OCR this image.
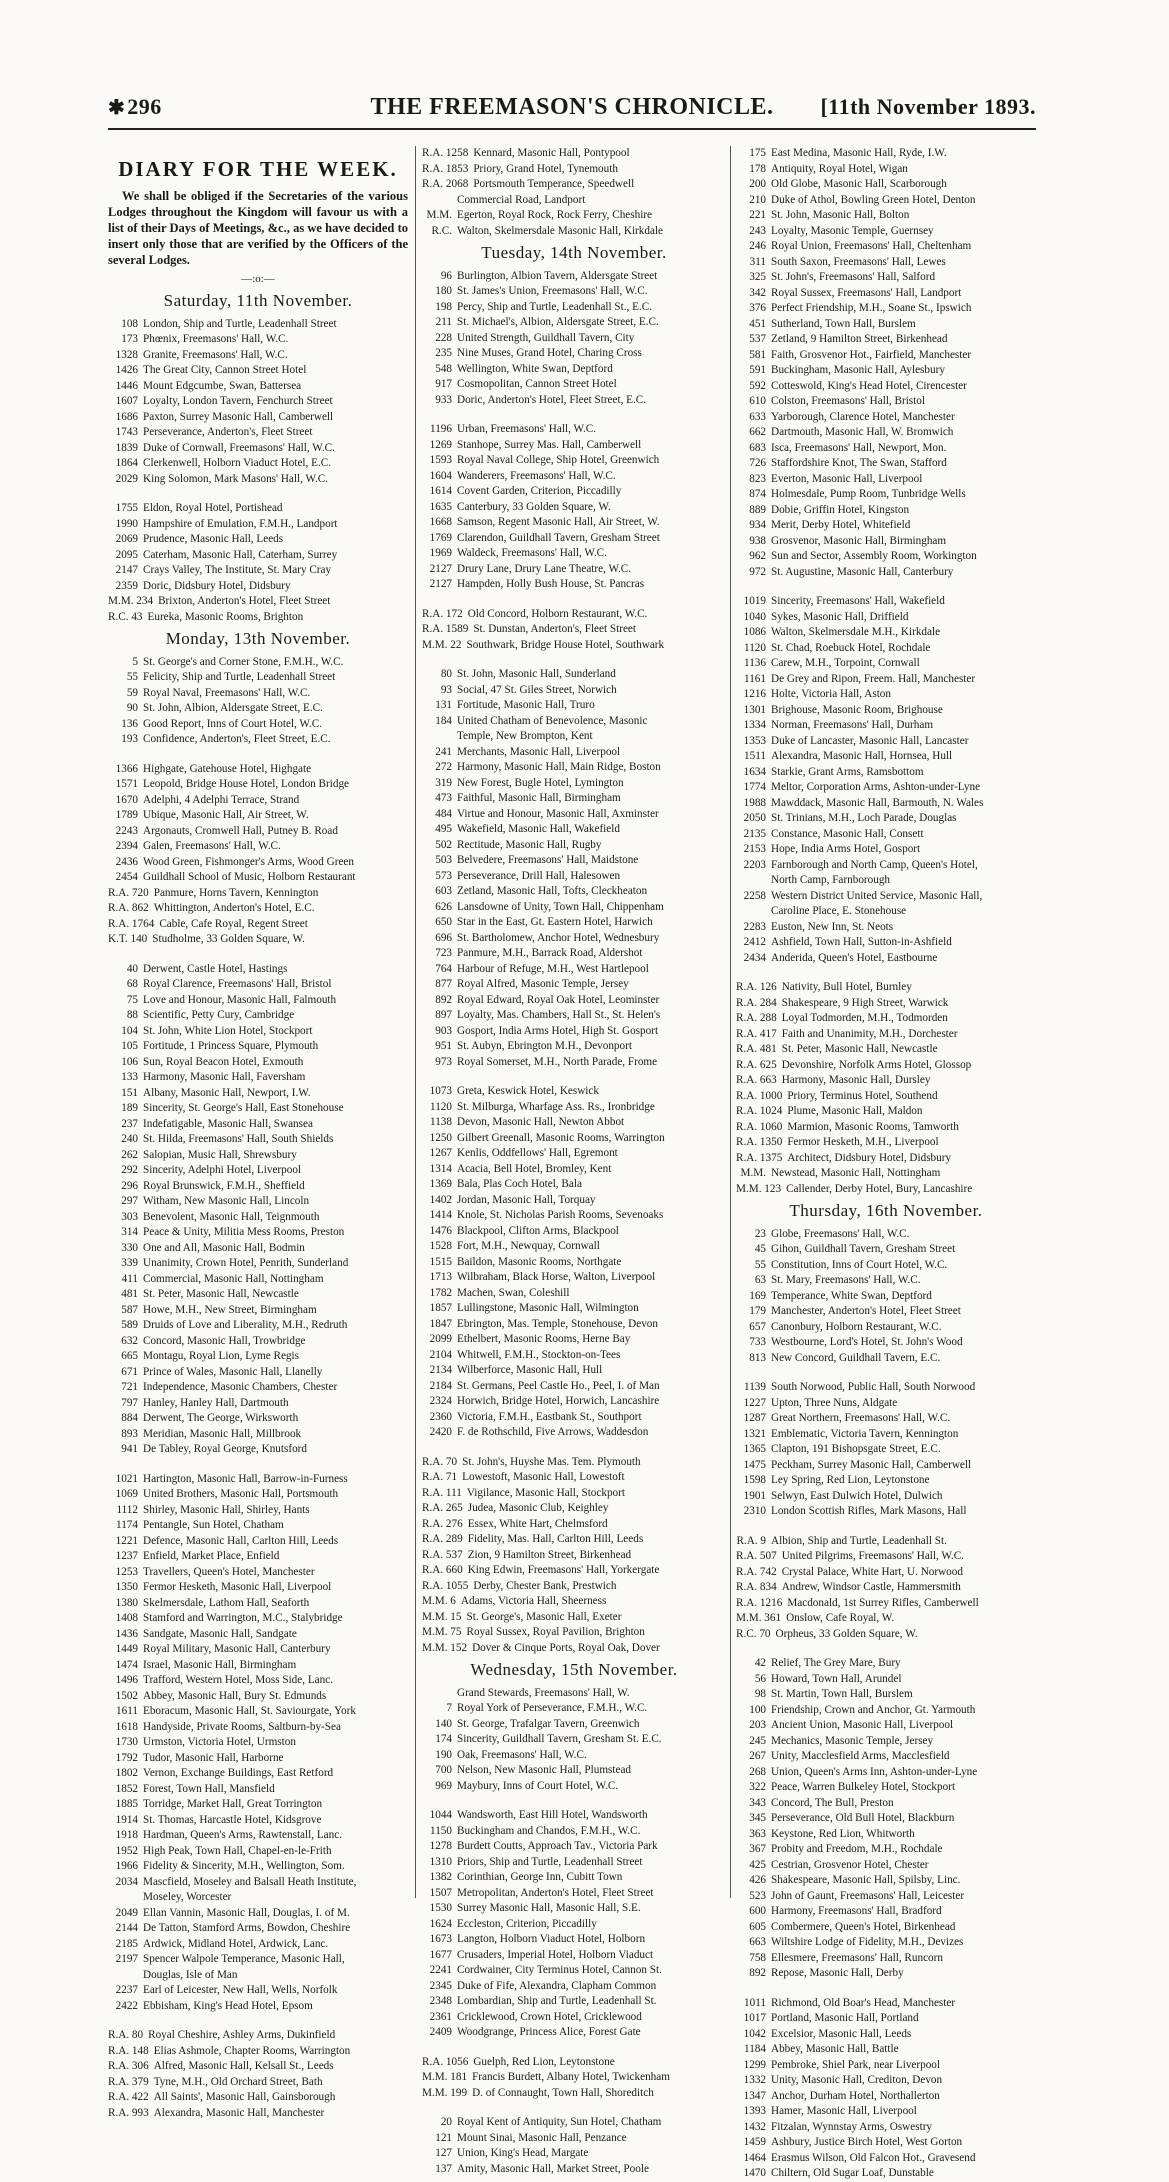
✱296	THE FREEMASON'S CHRONICLE.	[11th November 1893.
DIARY FOR THE WEEK.
We shall be obliged if the Secretaries of the various Lodges throughout the Kingdom will favour us with a list of their Days of Meetings, &c., as we have decided to insert only those that are verified by the Officers of the several Lodges.
—:o:—
Saturday, 11th November.
108 London, Ship and Turtle, Leadenhall Street
173 Phœnix, Freemasons' Hall, W.C.
1328 Granite, Freemasons' Hall, W.C.
1426 The Great City, Cannon Street Hotel
1446 Mount Edgcumbe, Swan, Battersea
1607 Loyalty, London Tavern, Fenchurch Street
1686 Paxton, Surrey Masonic Hall, Camberwell
1743 Perseverance, Anderton's, Fleet Street
1839 Duke of Cornwall, Freemasons' Hall, W.C.
1864 Clerkenwell, Holborn Viaduct Hotel, E.C.
2029 King Solomon, Mark Masons' Hall, W.C.
1755 Eldon, Royal Hotel, Portishead
1990 Hampshire of Emulation, F.M.H., Landport
2069 Prudence, Masonic Hall, Leeds
2095 Caterham, Masonic Hall, Caterham, Surrey
2147 Crays Valley, The Institute, St. Mary Cray
2359 Doric, Didsbury Hotel, Didsbury
M.M. 234 Brixton, Anderton's Hotel, Fleet Street
R.C. 43 Eureka, Masonic Rooms, Brighton
Monday, 13th November.
5 St. George's and Corner Stone, F.M.H., W.C.
55 Felicity, Ship and Turtle, Leadenhall Street
59 Royal Naval, Freemasons' Hall, W.C.
90 St. John, Albion, Aldersgate Street, E.C.
136 Good Report, Inns of Court Hotel, W.C.
193 Confidence, Anderton's, Fleet Street, E.C.
1366 Highgate, Gatehouse Hotel, Highgate
1571 Leopold, Bridge House Hotel, London Bridge
1670 Adelphi, 4 Adelphi Terrace, Strand
1789 Ubique, Masonic Hall, Air Street, W.
2243 Argonauts, Cromwell Hall, Putney B. Road
2394 Galen, Freemasons' Hall, W.C.
2436 Wood Green, Fishmonger's Arms, Wood Green
2454 Guildhall School of Music, Holborn Restaurant
R.A. 720 Panmure, Horns Tavern, Kennington
R.A. 862 Whittington, Anderton's Hotel, E.C.
R.A. 1764 Cable, Cafe Royal, Regent Street
K.T. 140 Studholme, 33 Golden Square, W.
40 Derwent, Castle Hotel, Hastings
68 Royal Clarence, Freemasons' Hall, Bristol
75 Love and Honour, Masonic Hall, Falmouth
88 Scientific, Petty Cury, Cambridge
104 St. John, White Lion Hotel, Stockport
105 Fortitude, 1 Princess Square, Plymouth
106 Sun, Royal Beacon Hotel, Exmouth
133 Harmony, Masonic Hall, Faversham
151 Albany, Masonic Hall, Newport, I.W.
189 Sincerity, St. George's Hall, East Stonehouse
237 Indefatigable, Masonic Hall, Swansea
240 St. Hilda, Freemasons' Hall, South Shields
262 Salopian, Music Hall, Shrewsbury
292 Sincerity, Adelphi Hotel, Liverpool
296 Royal Brunswick, F.M.H., Sheffield
297 Witham, New Masonic Hall, Lincoln
303 Benevolent, Masonic Hall, Teignmouth
314 Peace & Unity, Militia Mess Rooms, Preston
330 One and All, Masonic Hall, Bodmin
339 Unanimity, Crown Hotel, Penrith, Sunderland
411 Commercial, Masonic Hall, Nottingham
481 St. Peter, Masonic Hall, Newcastle
587 Howe, M.H., New Street, Birmingham
589 Druids of Love and Liberality, M.H., Redruth
632 Concord, Masonic Hall, Trowbridge
665 Montagu, Royal Lion, Lyme Regis
671 Prince of Wales, Masonic Hall, Llanelly
721 Independence, Masonic Chambers, Chester
797 Hanley, Hanley Hall, Dartmouth
884 Derwent, The George, Wirksworth
893 Meridian, Masonic Hall, Millbrook
941 De Tabley, Royal George, Knutsford
1021 Hartington, Masonic Hall, Barrow-in-Furness
1069 United Brothers, Masonic Hall, Portsmouth
1112 Shirley, Masonic Hall, Shirley, Hants
1174 Pentangle, Sun Hotel, Chatham
1221 Defence, Masonic Hall, Carlton Hill, Leeds
1237 Enfield, Market Place, Enfield
1253 Travellers, Queen's Hotel, Manchester
1350 Fermor Hesketh, Masonic Hall, Liverpool
1380 Skelmersdale, Lathom Hall, Seaforth
1408 Stamford and Warrington, M.C., Stalybridge
1436 Sandgate, Masonic Hall, Sandgate
1449 Royal Military, Masonic Hall, Canterbury
1474 Israel, Masonic Hall, Birmingham
1496 Trafford, Western Hotel, Moss Side, Lanc.
1502 Abbey, Masonic Hall, Bury St. Edmunds
1611 Eboracum, Masonic Hall, St. Saviourgate, York
1618 Handyside, Private Rooms, Saltburn-by-Sea
1730 Urmston, Victoria Hotel, Urmston
1792 Tudor, Masonic Hall, Harborne
1802 Vernon, Exchange Buildings, East Retford
1852 Forest, Town Hall, Mansfield
1885 Torridge, Market Hall, Great Torrington
1914 St. Thomas, Harcastle Hotel, Kidsgrove
1918 Hardman, Queen's Arms, Rawtenstall, Lanc.
1952 High Peak, Town Hall, Chapel-en-le-Frith
1966 Fidelity & Sincerity, M.H., Wellington, Som.
2034 Mascfield, Moseley and Balsall Heath Institute,
Moseley, Worcester
2049 Ellan Vannin, Masonic Hall, Douglas, I. of M.
2144 De Tatton, Stamford Arms, Bowdon, Cheshire
2185 Ardwick, Midland Hotel, Ardwick, Lanc.
2197 Spencer Walpole Temperance, Masonic Hall,
Douglas, Isle of Man
2237 Earl of Leicester, New Hall, Wells, Norfolk
2422 Ebbisham, King's Head Hotel, Epsom
R.A. 80 Royal Cheshire, Ashley Arms, Dukinfield
R.A. 148 Elias Ashmole, Chapter Rooms, Warrington
R.A. 306 Alfred, Masonic Hall, Kelsall St., Leeds
R.A. 379 Tyne, M.H., Old Orchard Street, Bath
R.A. 422 All Saints', Masonic Hall, Gainsborough
R.A. 993 Alexandra, Masonic Hall, Manchester
R.A. 1258 Kennard, Masonic Hall, Pontypool
R.A. 1853 Priory, Grand Hotel, Tynemouth
R.A. 2068 Portsmouth Temperance, Speedwell
Commercial Road, Landport
M.M. Egerton, Royal Rock, Rock Ferry, Cheshire
R.C. Walton, Skelmersdale Masonic Hall, Kirkdale
Tuesday, 14th November.
96 Burlington, Albion Tavern, Aldersgate Street
180 St. James's Union, Freemasons' Hall, W.C.
198 Percy, Ship and Turtle, Leadenhall St., E.C.
211 St. Michael's, Albion, Aldersgate Street, E.C.
228 United Strength, Guildhall Tavern, City
235 Nine Muses, Grand Hotel, Charing Cross
548 Wellington, White Swan, Deptford
917 Cosmopolitan, Cannon Street Hotel
933 Doric, Anderton's Hotel, Fleet Street, E.C.
1196 Urban, Freemasons' Hall, W.C.
1269 Stanhope, Surrey Mas. Hall, Camberwell
1593 Royal Naval College, Ship Hotel, Greenwich
1604 Wanderers, Freemasons' Hall, W.C.
1614 Covent Garden, Criterion, Piccadilly
1635 Canterbury, 33 Golden Square, W.
1668 Samson, Regent Masonic Hall, Air Street, W.
1769 Clarendon, Guildhall Tavern, Gresham Street
1969 Waldeck, Freemasons' Hall, W.C.
2127 Drury Lane, Drury Lane Theatre, W.C.
2127 Hampden, Holly Bush House, St. Pancras
R.A. 172 Old Concord, Holborn Restaurant, W.C.
R.A. 1589 St. Dunstan, Anderton's, Fleet Street
M.M. 22 Southwark, Bridge House Hotel, Southwark
80 St. John, Masonic Hall, Sunderland
93 Social, 47 St. Giles Street, Norwich
131 Fortitude, Masonic Hall, Truro
184 United Chatham of Benevolence, Masonic
Temple, New Brompton, Kent
241 Merchants, Masonic Hall, Liverpool
272 Harmony, Masonic Hall, Main Ridge, Boston
319 New Forest, Bugle Hotel, Lymington
473 Faithful, Masonic Hall, Birmingham
484 Virtue and Honour, Masonic Hall, Axminster
495 Wakefield, Masonic Hall, Wakefield
502 Rectitude, Masonic Hall, Rugby
503 Belvedere, Freemasons' Hall, Maidstone
573 Perseverance, Drill Hall, Halesowen
603 Zetland, Masonic Hall, Tofts, Cleckheaton
626 Lansdowne of Unity, Town Hall, Chippenham
650 Star in the East, Gt. Eastern Hotel, Harwich
696 St. Bartholomew, Anchor Hotel, Wednesbury
723 Panmure, M.H., Barrack Road, Aldershot
764 Harbour of Refuge, M.H., West Hartlepool
877 Royal Alfred, Masonic Temple, Jersey
892 Royal Edward, Royal Oak Hotel, Leominster
897 Loyalty, Mas. Chambers, Hall St., St. Helen's
903 Gosport, India Arms Hotel, High St. Gosport
951 St. Aubyn, Ebrington M.H., Devonport
973 Royal Somerset, M.H., North Parade, Frome
1073 Greta, Keswick Hotel, Keswick
1120 St. Milburga, Wharfage Ass. Rs., Ironbridge
1138 Devon, Masonic Hall, Newton Abbot
1250 Gilbert Greenall, Masonic Rooms, Warrington
1267 Kenlis, Oddfellows' Hall, Egremont
1314 Acacia, Bell Hotel, Bromley, Kent
1369 Bala, Plas Coch Hotel, Bala
1402 Jordan, Masonic Hall, Torquay
1414 Knole, St. Nicholas Parish Rooms, Sevenoaks
1476 Blackpool, Clifton Arms, Blackpool
1528 Fort, M.H., Newquay, Cornwall
1515 Baildon, Masonic Rooms, Northgate
1713 Wilbraham, Black Horse, Walton, Liverpool
1782 Machen, Swan, Coleshill
1857 Lullingstone, Masonic Hall, Wilmington
1847 Ebrington, Mas. Temple, Stonehouse, Devon
2099 Ethelbert, Masonic Rooms, Herne Bay
2104 Whitwell, F.M.H., Stockton-on-Tees
2134 Wilberforce, Masonic Hall, Hull
2184 St. Germans, Peel Castle Ho., Peel, I. of Man
2324 Horwich, Bridge Hotel, Horwich, Lancashire
2360 Victoria, F.M.H., Eastbank St., Southport
2420 F. de Rothschild, Five Arrows, Waddesdon
R.A. 70 St. John's, Huyshe Mas. Tem. Plymouth
R.A. 71 Lowestoft, Masonic Hall, Lowestoft
R.A. 111 Vigilance, Masonic Hall, Stockport
R.A. 265 Judea, Masonic Club, Keighley
R.A. 276 Essex, White Hart, Chelmsford
R.A. 289 Fidelity, Mas. Hall, Carlton Hill, Leeds
R.A. 537 Zion, 9 Hamilton Street, Birkenhead
R.A. 660 King Edwin, Freemasons' Hall, Yorkergate
R.A. 1055 Derby, Chester Bank, Prestwich
M.M. 6 Adams, Victoria Hall, Sheerness
M.M. 15 St. George's, Masonic Hall, Exeter
M.M. 75 Royal Sussex, Royal Pavilion, Brighton
M.M. 152 Dover & Cinque Ports, Royal Oak, Dover
Wednesday, 15th November.
Grand Stewards, Freemasons' Hall, W.
7 Royal York of Perseverance, F.M.H., W.C.
140 St. George, Trafalgar Tavern, Greenwich
174 Sincerity, Guildhall Tavern, Gresham St. E.C.
190 Oak, Freemasons' Hall, W.C.
700 Nelson, New Masonic Hall, Plumstead
969 Maybury, Inns of Court Hotel, W.C.
1044 Wandsworth, East Hill Hotel, Wandsworth
1150 Buckingham and Chandos, F.M.H., W.C.
1278 Burdett Coutts, Approach Tav., Victoria Park
1310 Priors, Ship and Turtle, Leadenhall Street
1382 Corinthian, George Inn, Cubitt Town
1507 Metropolitan, Anderton's Hotel, Fleet Street
1530 Surrey Masonic Hall, Masonic Hall, S.E.
1624 Eccleston, Criterion, Piccadilly
1673 Langton, Holborn Viaduct Hotel, Holborn
1677 Crusaders, Imperial Hotel, Holborn Viaduct
2241 Cordwainer, City Terminus Hotel, Cannon St.
2345 Duke of Fife, Alexandra, Clapham Common
2348 Lombardian, Ship and Turtle, Leadenhall St.
2361 Cricklewood, Crown Hotel, Cricklewood
2409 Woodgrange, Princess Alice, Forest Gate
R.A. 1056 Guelph, Red Lion, Leytonstone
M.M. 181 Francis Burdett, Albany Hotel, Twickenham
M.M. 199 D. of Connaught, Town Hall, Shoreditch
20 Royal Kent of Antiquity, Sun Hotel, Chatham
121 Mount Sinai, Masonic Hall, Penzance
127 Union, King's Head, Margate
137 Amity, Masonic Hall, Market Street, Poole
175 East Medina, Masonic Hall, Ryde, I.W.
178 Antiquity, Royal Hotel, Wigan
200 Old Globe, Masonic Hall, Scarborough
210 Duke of Athol, Bowling Green Hotel, Denton
221 St. John, Masonic Hall, Bolton
243 Loyalty, Masonic Temple, Guernsey
246 Royal Union, Freemasons' Hall, Cheltenham
311 South Saxon, Freemasons' Hall, Lewes
325 St. John's, Freemasons' Hall, Salford
342 Royal Sussex, Freemasons' Hall, Landport
376 Perfect Friendship, M.H., Soane St., Ipswich
451 Sutherland, Town Hall, Burslem
537 Zetland, 9 Hamilton Street, Birkenhead
581 Faith, Grosvenor Hot., Fairfield, Manchester
591 Buckingham, Masonic Hall, Aylesbury
592 Cotteswold, King's Head Hotel, Cirencester
610 Colston, Freemasons' Hall, Bristol
633 Yarborough, Clarence Hotel, Manchester
662 Dartmouth, Masonic Hall, W. Bromwich
683 Isca, Freemasons' Hall, Newport, Mon.
726 Staffordshire Knot, The Swan, Stafford
823 Everton, Masonic Hall, Liverpool
874 Holmesdale, Pump Room, Tunbridge Wells
889 Dobie, Griffin Hotel, Kingston
934 Merit, Derby Hotel, Whitefield
938 Grosvenor, Masonic Hall, Birmingham
962 Sun and Sector, Assembly Room, Workington
972 St. Augustine, Masonic Hall, Canterbury
1019 Sincerity, Freemasons' Hall, Wakefield
1040 Sykes, Masonic Hall, Driffield
1086 Walton, Skelmersdale M.H., Kirkdale
1120 St. Chad, Roebuck Hotel, Rochdale
1136 Carew, M.H., Torpoint, Cornwall
1161 De Grey and Ripon, Freem. Hall, Manchester
1216 Holte, Victoria Hall, Aston
1301 Brighouse, Masonic Room, Brighouse
1334 Norman, Freemasons' Hall, Durham
1353 Duke of Lancaster, Masonic Hall, Lancaster
1511 Alexandra, Masonic Hall, Hornsea, Hull
1634 Starkie, Grant Arms, Ramsbottom
1774 Meltor, Corporation Arms, Ashton-under-Lyne
1988 Mawddack, Masonic Hall, Barmouth, N. Wales
2050 St. Trinians, M.H., Loch Parade, Douglas
2135 Constance, Masonic Hall, Consett
2153 Hope, India Arms Hotel, Gosport
2203 Farnborough and North Camp, Queen's Hotel,
North Camp, Farnborough
2258 Western District United Service, Masonic Hall,
Caroline Place, E. Stonehouse
2283 Euston, New Inn, St. Neots
2412 Ashfield, Town Hall, Sutton-in-Ashfield
2434 Anderida, Queen's Hotel, Eastbourne
R.A. 126 Nativity, Bull Hotel, Burnley
R.A. 284 Shakespeare, 9 High Street, Warwick
R.A. 288 Loyal Todmorden, M.H., Todmorden
R.A. 417 Faith and Unanimity, M.H., Dorchester
R.A. 481 St. Peter, Masonic Hall, Newcastle
R.A. 625 Devonshire, Norfolk Arms Hotel, Glossop
R.A. 663 Harmony, Masonic Hall, Dursley
R.A. 1000 Priory, Terminus Hotel, Southend
R.A. 1024 Plume, Masonic Hall, Maldon
R.A. 1060 Marmion, Masonic Rooms, Tamworth
R.A. 1350 Fermor Hesketh, M.H., Liverpool
R.A. 1375 Architect, Didsbury Hotel, Didsbury
M.M. Newstead, Masonic Hall, Nottingham
M.M. 123 Callender, Derby Hotel, Bury, Lancashire
Thursday, 16th November.
23 Globe, Freemasons' Hall, W.C.
45 Gihon, Guildhall Tavern, Gresham Street
55 Constitution, Inns of Court Hotel, W.C.
63 St. Mary, Freemasons' Hall, W.C.
169 Temperance, White Swan, Deptford
179 Manchester, Anderton's Hotel, Fleet Street
657 Canonbury, Holborn Restaurant, W.C.
733 Westbourne, Lord's Hotel, St. John's Wood
813 New Concord, Guildhall Tavern, E.C.
1139 South Norwood, Public Hall, South Norwood
1227 Upton, Three Nuns, Aldgate
1287 Great Northern, Freemasons' Hall, W.C.
1321 Emblematic, Victoria Tavern, Kennington
1365 Clapton, 191 Bishopsgate Street, E.C.
1475 Peckham, Surrey Masonic Hall, Camberwell
1598 Ley Spring, Red Lion, Leytonstone
1901 Selwyn, East Dulwich Hotel, Dulwich
2310 London Scottish Rifles, Mark Masons, Hall
R.A. 9 Albion, Ship and Turtle, Leadenhall St.
R.A. 507 United Pilgrims, Freemasons' Hall, W.C.
R.A. 742 Crystal Palace, White Hart, U. Norwood
R.A. 834 Andrew, Windsor Castle, Hammersmith
R.A. 1216 Macdonald, 1st Surrey Rifles, Camberwell
M.M. 361 Onslow, Cafe Royal, W.
R.C. 70 Orpheus, 33 Golden Square, W.
42 Relief, The Grey Mare, Bury
56 Howard, Town Hall, Arundel
98 St. Martin, Town Hall, Burslem
100 Friendship, Crown and Anchor, Gt. Yarmouth
203 Ancient Union, Masonic Hall, Liverpool
245 Mechanics, Masonic Temple, Jersey
267 Unity, Macclesfield Arms, Macclesfield
268 Union, Queen's Arms Inn, Ashton-under-Lyne
322 Peace, Warren Bulkeley Hotel, Stockport
343 Concord, The Bull, Preston
345 Perseverance, Old Bull Hotel, Blackburn
363 Keystone, Red Lion, Whitworth
367 Probity and Freedom, M.H., Rochdale
425 Cestrian, Grosvenor Hotel, Chester
426 Shakespeare, Masonic Hall, Spilsby, Linc.
523 John of Gaunt, Freemasons' Hall, Leicester
600 Harmony, Freemasons' Hall, Bradford
605 Combermere, Queen's Hotel, Birkenhead
663 Wiltshire Lodge of Fidelity, M.H., Devizes
758 Ellesmere, Freemasons' Hall, Runcorn
892 Repose, Masonic Hall, Derby
1011 Richmond, Old Boar's Head, Manchester
1017 Portland, Masonic Hall, Portland
1042 Excelsior, Masonic Hall, Leeds
1184 Abbey, Masonic Hall, Battle
1299 Pembroke, Shiel Park, near Liverpool
1332 Unity, Masonic Hall, Crediton, Devon
1347 Anchor, Durham Hotel, Northallerton
1393 Hamer, Masonic Hall, Liverpool
1432 Fitzalan, Wynnstay Arms, Oswestry
1459 Ashbury, Justice Birch Hotel, West Gorton
1464 Erasmus Wilson, Old Falcon Hot., Gravesend
1470 Chiltern, Old Sugar Loaf, Dunstable
